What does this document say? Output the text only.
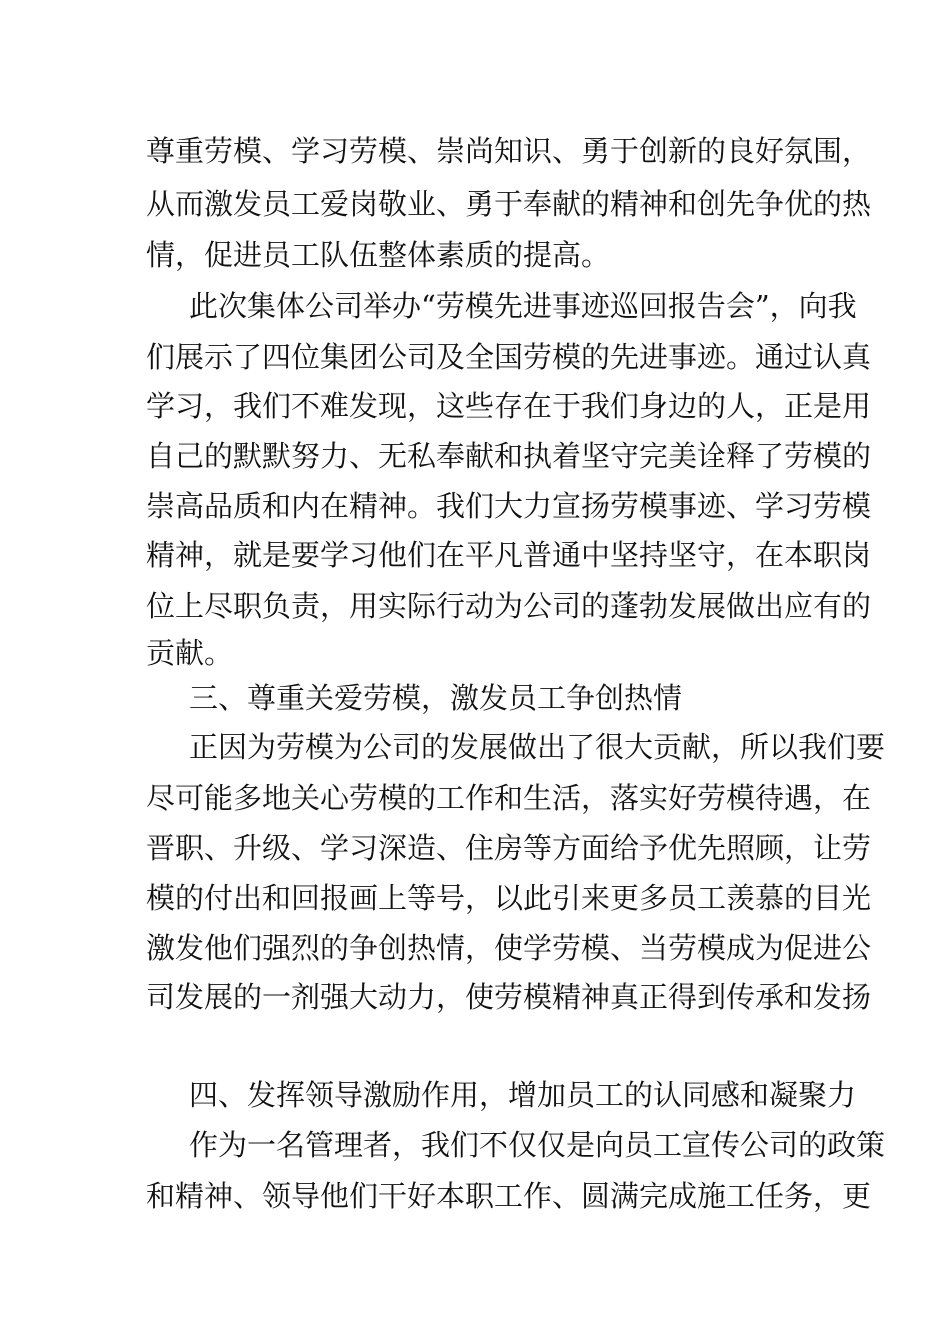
尊重劳模、学习劳模、崇尚知识、勇于创新的良好氛围，
从而激发员工爱岗敬业、勇于奉献的精神和创先争优的热
情，促进员工队伍整体素质的提高。
此次集体公司举办“劳模先进事迹巡回报告会”，向我
们展示了四位集团公司及全国劳模的先进事迹。通过认真
学习，我们不难发现，这些存在于我们身边的人，正是用
自己的默默努力、无私奉献和执着坚守完美诠释了劳模的
崇高品质和内在精神。我们大力宣扬劳模事迹、学习劳模
精神，就是要学习他们在平凡普通中坚持坚守，在本职岗
位上尽职负责，用实际行动为公司的蓬勃发展做出应有的
贡献。
三、尊重关爱劳模，激发员工争创热情
正因为劳模为公司的发展做出了很大贡献，所以我们要
尽可能多地关心劳模的工作和生活，落实好劳模待遇，在
晋职、升级、学习深造、住房等方面给予优先照顾，让劳
模的付出和回报画上等号，以此引来更多员工羡慕的目光
激发他们强烈的争创热情，使学劳模、当劳模成为促进公
司发展的一剂强大动力，使劳模精神真正得到传承和发扬
四、发挥领导激励作用，增加员工的认同感和凝聚力
作为一名管理者，我们不仅仅是向员工宣传公司的政策
和精神、领导他们干好本职工作、圆满完成施工任务，更
